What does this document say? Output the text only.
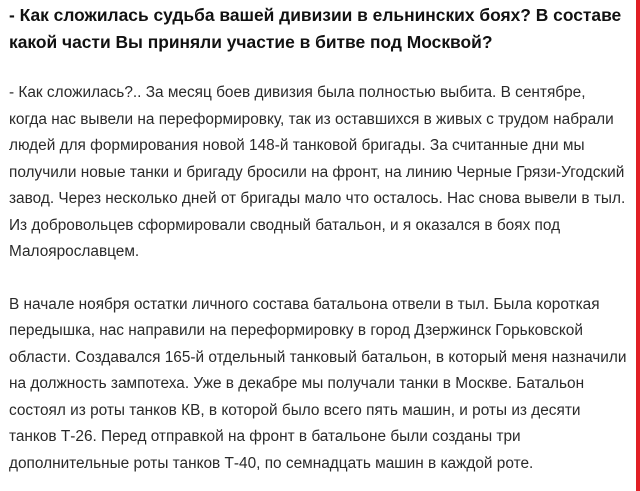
- Как сложилась судьба вашей дивизии в ельнинских боях? В составе какой части Вы приняли участие в битве под Москвой?

- Как сложилась?.. За месяц боев дивизия была полностью выбита. В сентябре, когда нас вывели на переформировку, так из оставшихся в живых с трудом набрали людей для формирования новой 148-й танковой бригады. За считанные дни мы получили новые танки и бригаду бросили на фронт, на линию Черные Грязи-Угодский завод. Через несколько дней от бригады мало что осталось. Нас снова вывели в тыл. Из добровольцев сформировали сводный батальон, и я оказался в боях под Малоярославцем.

В начале ноября остатки личного состава батальона отвели в тыл. Была короткая передышка, нас направили на переформировку в город Дзержинск Горьковской области. Создавался 165-й отдельный танковый батальон, в который меня назначили на должность зампотеха. Уже в декабре мы получали танки в Москве. Батальон состоял из роты танков КВ, в которой было всего пять машин, и роты из десяти танков Т-26. Перед отправкой на фронт в батальоне были созданы три дополнительные роты танков Т-40, по семнадцать машин в каждой роте.
